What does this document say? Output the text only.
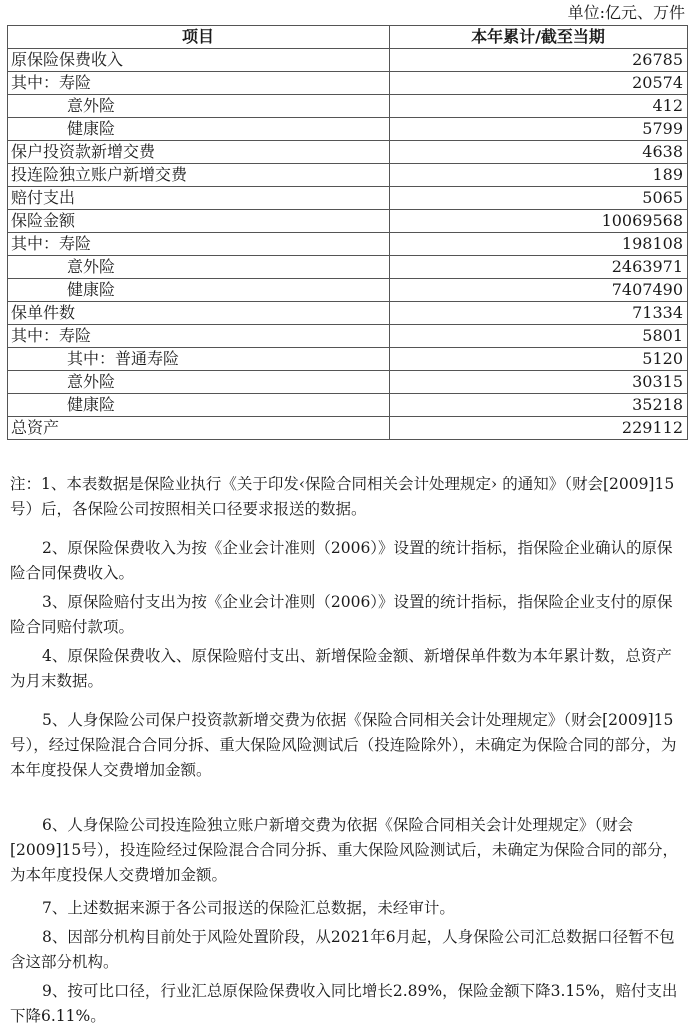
单位:亿元、万件
项目	本年累计/截至当期
原保险保费收入	26785
其中：寿险	20574
意外险	412
健康险	5799
保户投资款新增交费	4638
投连险独立账户新增交费	189
赔付支出	5065
保险金额	10069568
其中：寿险	198108
意外险	2463971
健康险	7407490
保单件数	71334
其中：寿险	5801
其中：普通寿险	5120
意外险	30315
健康险	35218
总资产	229112

注：1、本表数据是保险业执行《关于印发‹保险合同相关会计处理规定› 的通知》（财会[2009]15号）后，各保险公司按照相关口径要求报送的数据。

2、原保险保费收入为按《企业会计准则（2006）》设置的统计指标，指保险企业确认的原保险合同保费收入。

3、原保险赔付支出为按《企业会计准则（2006）》设置的统计指标，指保险企业支付的原保险合同赔付款项。

4、原保险保费收入、原保险赔付支出、新增保险金额、新增保单件数为本年累计数，总资产为月末数据。

5、人身保险公司保户投资款新增交费为依据《保险合同相关会计处理规定》（财会[2009]15号），经过保险混合合同分拆、重大保险风险测试后（投连险除外），未确定为保险合同的部分，为本年度投保人交费增加金额。

6、人身保险公司投连险独立账户新增交费为依据《保险合同相关会计处理规定》（财会[2009]15号），投连险经过保险混合合同分拆、重大保险风险测试后，未确定为保险合同的部分，为本年度投保人交费增加金额。

7、上述数据来源于各公司报送的保险汇总数据，未经审计。

8、因部分机构目前处于风险处置阶段，从2021年6月起，人身保险公司汇总数据口径暂不包含这部分机构。

9、按可比口径，行业汇总原保险保费收入同比增长2.89%，保险金额下降3.15%，赔付支出下降6.11%。
